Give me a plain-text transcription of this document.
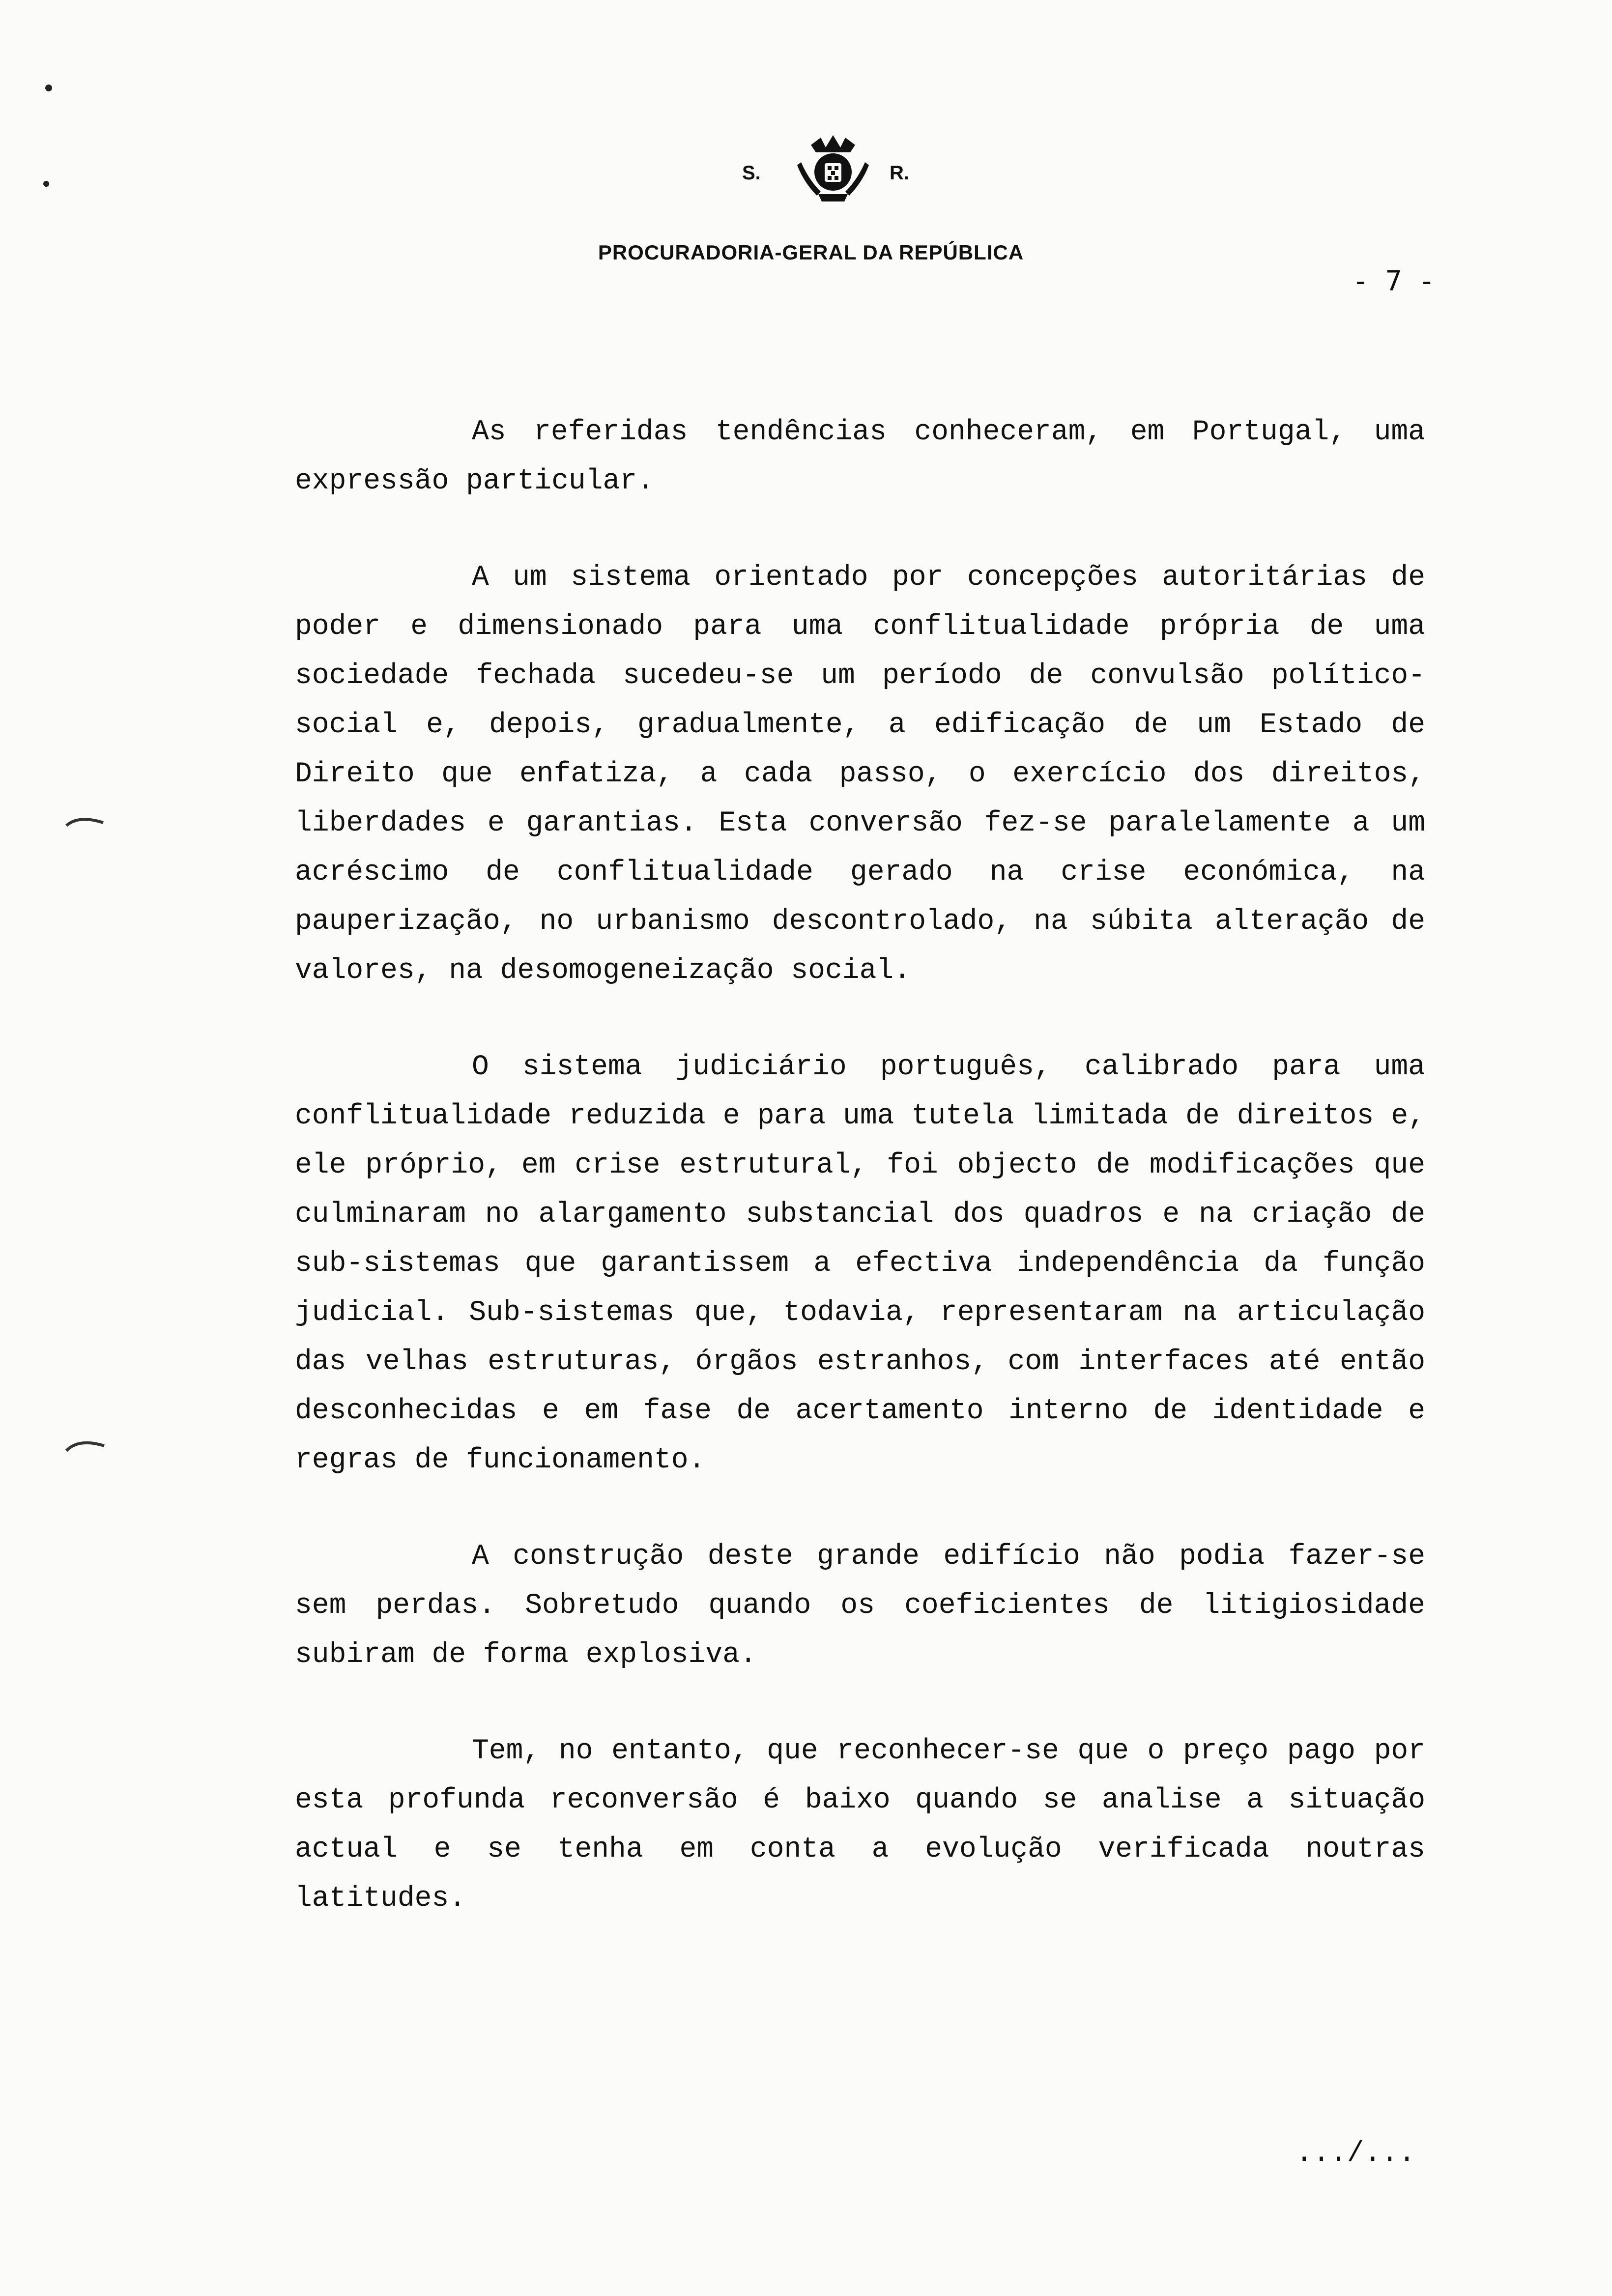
S.	R.
PROCURADORIA-GERAL DA REPÚBLICA
- 7 -

As referidas tendências conheceram, em Portugal, uma expressão particular.

A um sistema orientado por concepções autoritárias de poder e dimensionado para uma conflitualidade própria de uma sociedade fechada sucedeu-se um período de convulsão político-social e, depois, gradualmente, a edificação de um Estado de Direito que enfatiza, a cada passo, o exercício dos direitos, liberdades e garantias. Esta conversão fez-se paralelamente a um acréscimo de conflitualidade gerado na crise económica, na pauperização, no urbanismo descontrolado, na súbita alteração de valores, na desomogeneização social.

O sistema judiciário português, calibrado para uma conflitualidade reduzida e para uma tutela limitada de direitos e, ele próprio, em crise estrutural, foi objecto de modificações que culminaram no alargamento substancial dos quadros e na criação de sub-sistemas que garantissem a efectiva independência da função judicial. Sub-sistemas que, todavia, representaram na articulação das velhas estruturas, órgãos estranhos, com interfaces até então desconhecidas e em fase de acertamento interno de identidade e regras de funcionamento.

A construção deste grande edifício não podia fazer-se sem perdas. Sobretudo quando os coeficientes de litigiosidade subiram de forma explosiva.

Tem, no entanto, que reconhecer-se que o preço pago por esta profunda reconversão é baixo quando se analise a situação actual e se tenha em conta a evolução verificada noutras latitudes.

.../...
